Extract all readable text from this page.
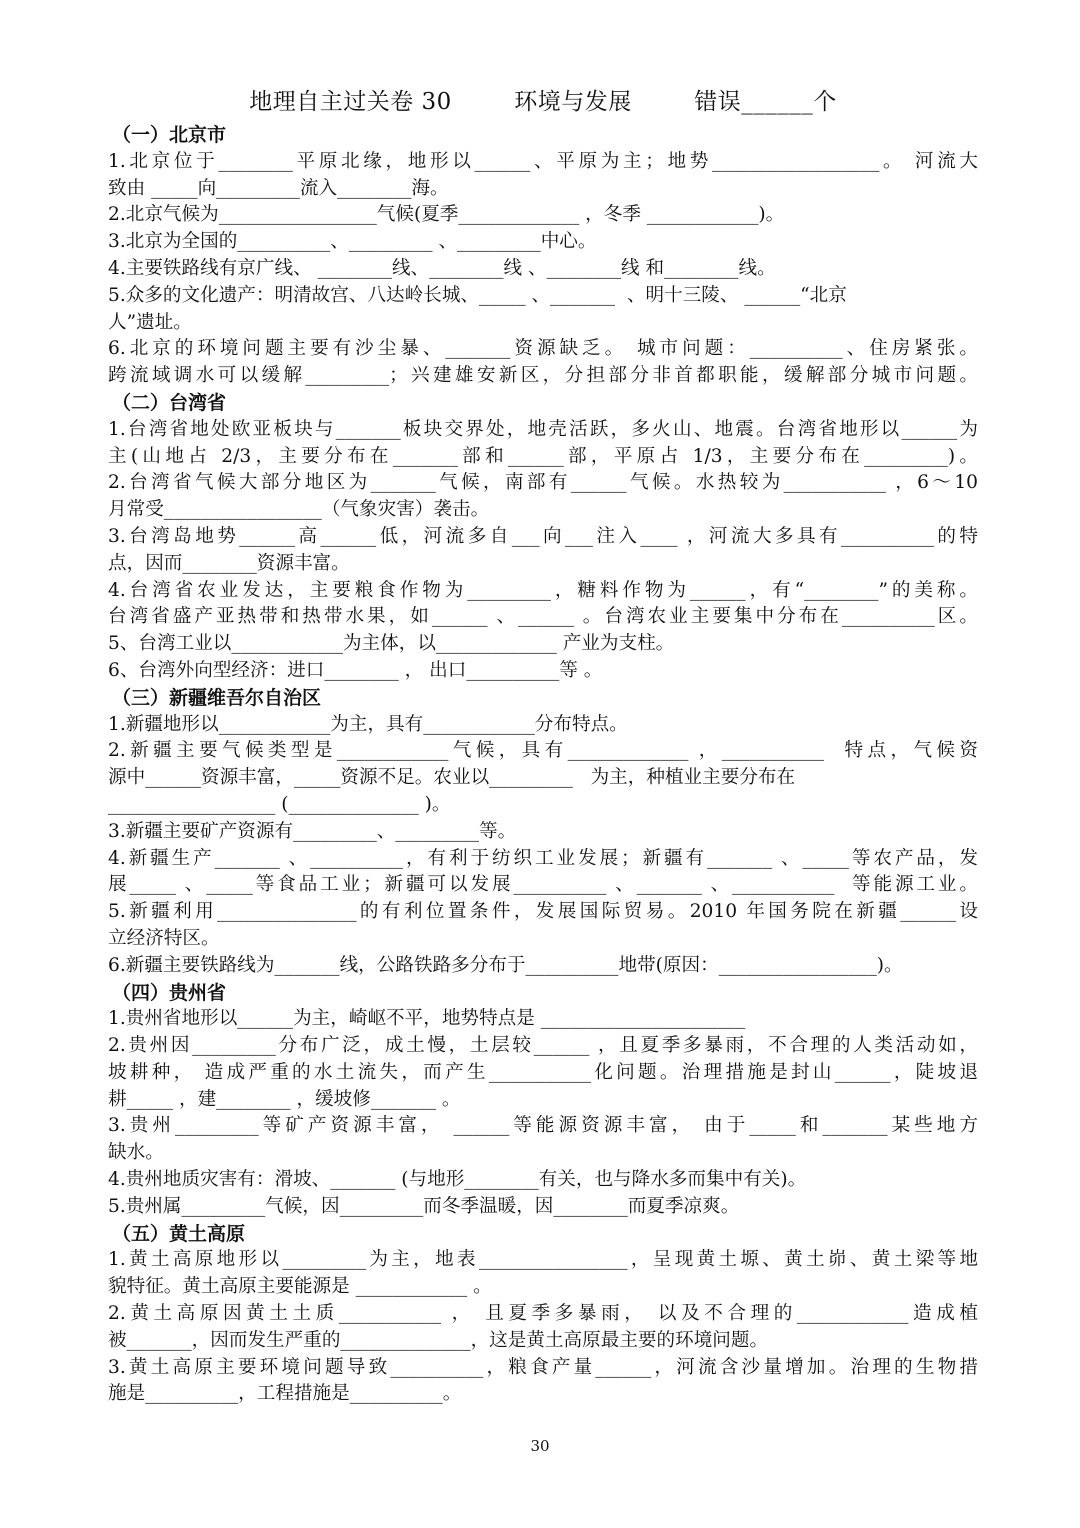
地理自主过关卷 30        环境与发展        错误______个
（一）北京市
1.北京位于________平原北缘，地形以______、平原为主；地势__________________。 河流大
致由 _____向_________流入________海。
2.北京气候为_________________气候(夏季_____________ ，冬季 ____________)。
3.北京为全国的__________、_________ 、_________中心。
4.主要铁路线有京广线、 ________线、________线 、________线 和________线。
5.众多的文化遗产：明清故宫、八达岭长城、_____ 、_______  、明十三陵、 ______“北京
人”遗址。
6.北京的环境问题主要有沙尘暴、_______资源缺乏。 城市问题：__________、住房紧张。
跨流域调水可以缓解_________；兴建雄安新区，分担部分非首都职能，缓解部分城市问题。
（二）台湾省
1.台湾省地处欧亚板块与_______板块交界处，地壳活跃，多火山、地震。台湾省地形以______为
主(山地占 2/3，主要分布在_______部和______部，平原占 1/3，主要分布在_________)。
2.台湾省气候大部分地区为_______气候，南部有______气候。水热较为___________ ，6～10
月常受_________________（气象灾害）袭击。
3.台湾岛地势______高______低，河流多自___向___注入____ ，河流大多具有__________的特
点，因而________资源丰富。
4.台湾省农业发达，主要粮食作物为_________，糖料作物为______，有“________”的美称。
台湾省盛产亚热带和热带水果，如______ 、______ 。台湾农业主要集中分布在__________区。
5、台湾工业以____________为主体，以_____________ 产业为支柱。
6、台湾外向型经济：进口________ ， 出口__________等 。
（三）新疆维吾尔自治区
1.新疆地形以____________为主，具有____________分布特点。
2.新疆主要气候类型是____________气候，具有_____________ ，___________  特点，气候资
源中______资源丰富，_____资源不足。农业以_________   为主，种植业主要分布在
__________________ (______________ )。
3.新疆主要矿产资源有_________、_________等。
4.新疆生产_______ 、__________，有利于纺织工业发展；新疆有_______ 、_____等农产品，发
展_____ 、_____等食品工业；新疆可以发展__________ 、_______ 、___________  等能源工业。
5.新疆利用_______________的有利位置条件，发展国际贸易。2010 年国务院在新疆______设
立经济特区。
6.新疆主要铁路线为_______线，公路铁路多分布于__________地带(原因：_________________)。
（四）贵州省
1.贵州省地形以______为主，崎岖不平，地势特点是 ______________________
2.贵州因_________分布广泛，成土慢，土层较______ ，且夏季多暴雨，不合理的人类活动如，
坡耕种， 造成严重的水土流失，而产生___________化问题。治理措施是封山______，陡坡退
耕_____ ，建________ ，缓坡修_______ 。
3.贵州_________等矿产资源丰富， ______等能源资源丰富， 由于_____和_______某些地方
缺水。
4.贵州地质灾害有：滑坡、_______ (与地形________有关，也与降水多而集中有关)。
5.贵州属_________气候，因_________而冬季温暖，因________而夏季凉爽。
（五）黄土高原
1.黄土高原地形以_________为主，地表________________，呈现黄土塬、黄土峁、黄土梁等地
貌特征。黄土高原主要能源是 ____________ 。
2.黄土高原因黄土土质___________ ， 且夏季多暴雨， 以及不合理的____________造成植
被_______，因而发生严重的______________，这是黄土高原最主要的环境问题。
3.黄土高原主要环境问题导致__________，粮食产量______，河流含沙量增加。治理的生物措
施是__________，工程措施是__________。
30
